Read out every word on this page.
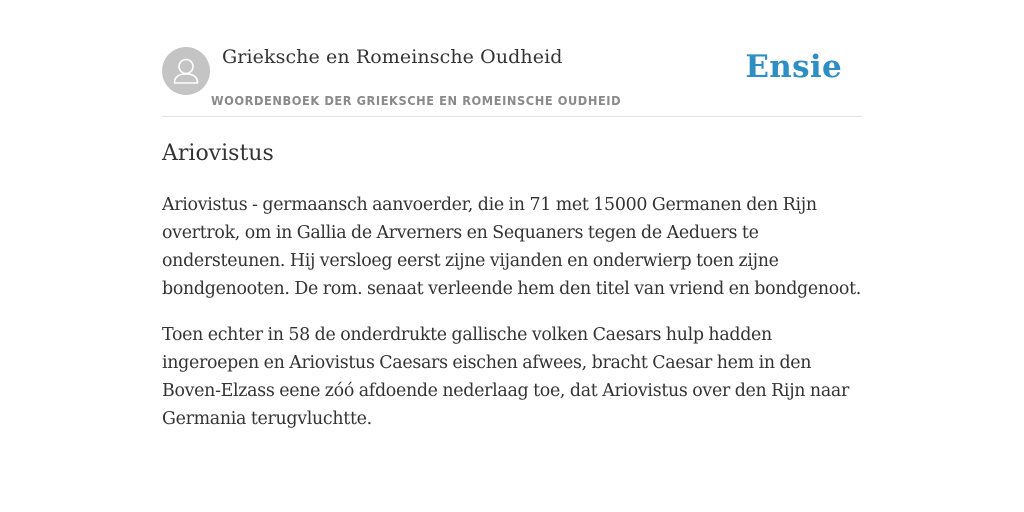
Grieksche en Romeinsche Oudheid
WOORDENBOEK DER GRIEKSCHE EN ROMEINSCHE OUDHEID
Ensie
Ariovistus

Ariovistus - germaansch aanvoerder, die in 71 met 15000 Germanen den Rijn overtrok, om in Gallia de Arverners en Sequaners tegen de Aeduers te ondersteunen. Hij versloeg eerst zijne vijanden en onderwierp toen zijne bondgenooten. De rom. senaat verleende hem den titel van vriend en bondgenoot.

Toen echter in 58 de onderdrukte gallische volken Caesars hulp hadden ingeroepen en Ariovistus Caesars eischen afwees, bracht Caesar hem in den Boven-Elzass eene zóó afdoende nederlaag toe, dat Ariovistus over den Rijn naar Germania terugvluchtte.
